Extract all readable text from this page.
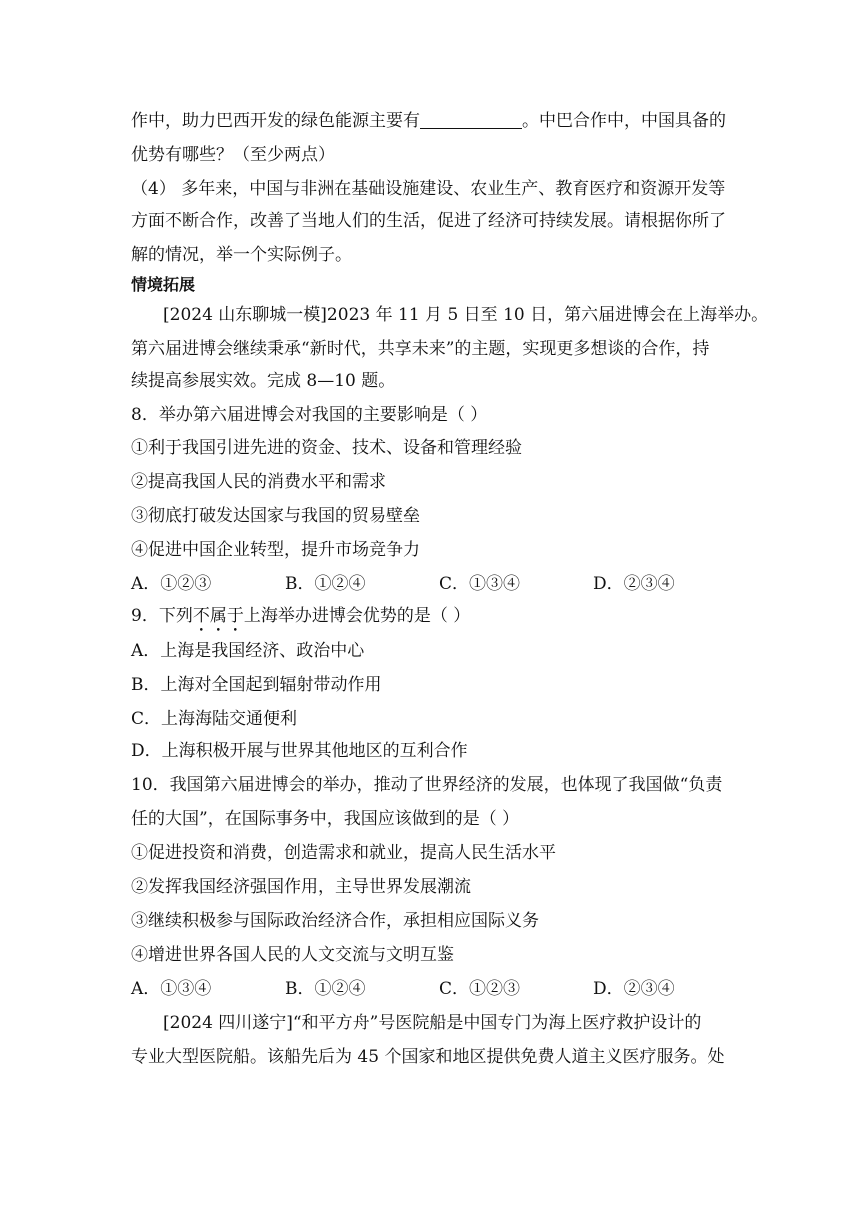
作中，助力巴西开发的绿色能源主要有	。中巴合作中，中国具备的
优势有哪些？（至少两点）
（4） 多年来，中国与非洲在基础设施建设、农业生产、教育医疗和资源开发等
方面不断合作，改善了当地人们的生活，促进了经济可持续发展。请根据你所了
解的情况，举一个实际例子。
情境拓展
[2024 山东聊城一模]2023 年 11 月 5 日至 10 日，第六届进博会在上海举办。
第六届进博会继续秉承“新时代，共享未来”的主题，实现更多想谈的合作，持
续提高参展实效。完成 8—10 题。
8．举办第六届进博会对我国的主要影响是（ ）
①利于我国引进先进的资金、技术、设备和管理经验
②提高我国人民的消费水平和需求
③彻底打破发达国家与我国的贸易壁垒
④促进中国企业转型，提升市场竞争力
A．①②③	B．①②④	C．①③④	D．②③④
9．下列不属于上海举办进博会优势的是（ ）
A．上海是我国经济、政治中心
B．上海对全国起到辐射带动作用
C．上海海陆交通便利
D．上海积极开展与世界其他地区的互利合作
10．我国第六届进博会的举办，推动了世界经济的发展，也体现了我国做“负责
任的大国”，在国际事务中，我国应该做到的是（ ）
①促进投资和消费，创造需求和就业，提高人民生活水平
②发挥我国经济强国作用，主导世界发展潮流
③继续积极参与国际政治经济合作，承担相应国际义务
④增进世界各国人民的人文交流与文明互鉴
A．①③④	B．①②④	C．①②③	D．②③④
[2024 四川遂宁]“和平方舟”号医院船是中国专门为海上医疗救护设计的
专业大型医院船。该船先后为 45 个国家和地区提供免费人道主义医疗服务。处
